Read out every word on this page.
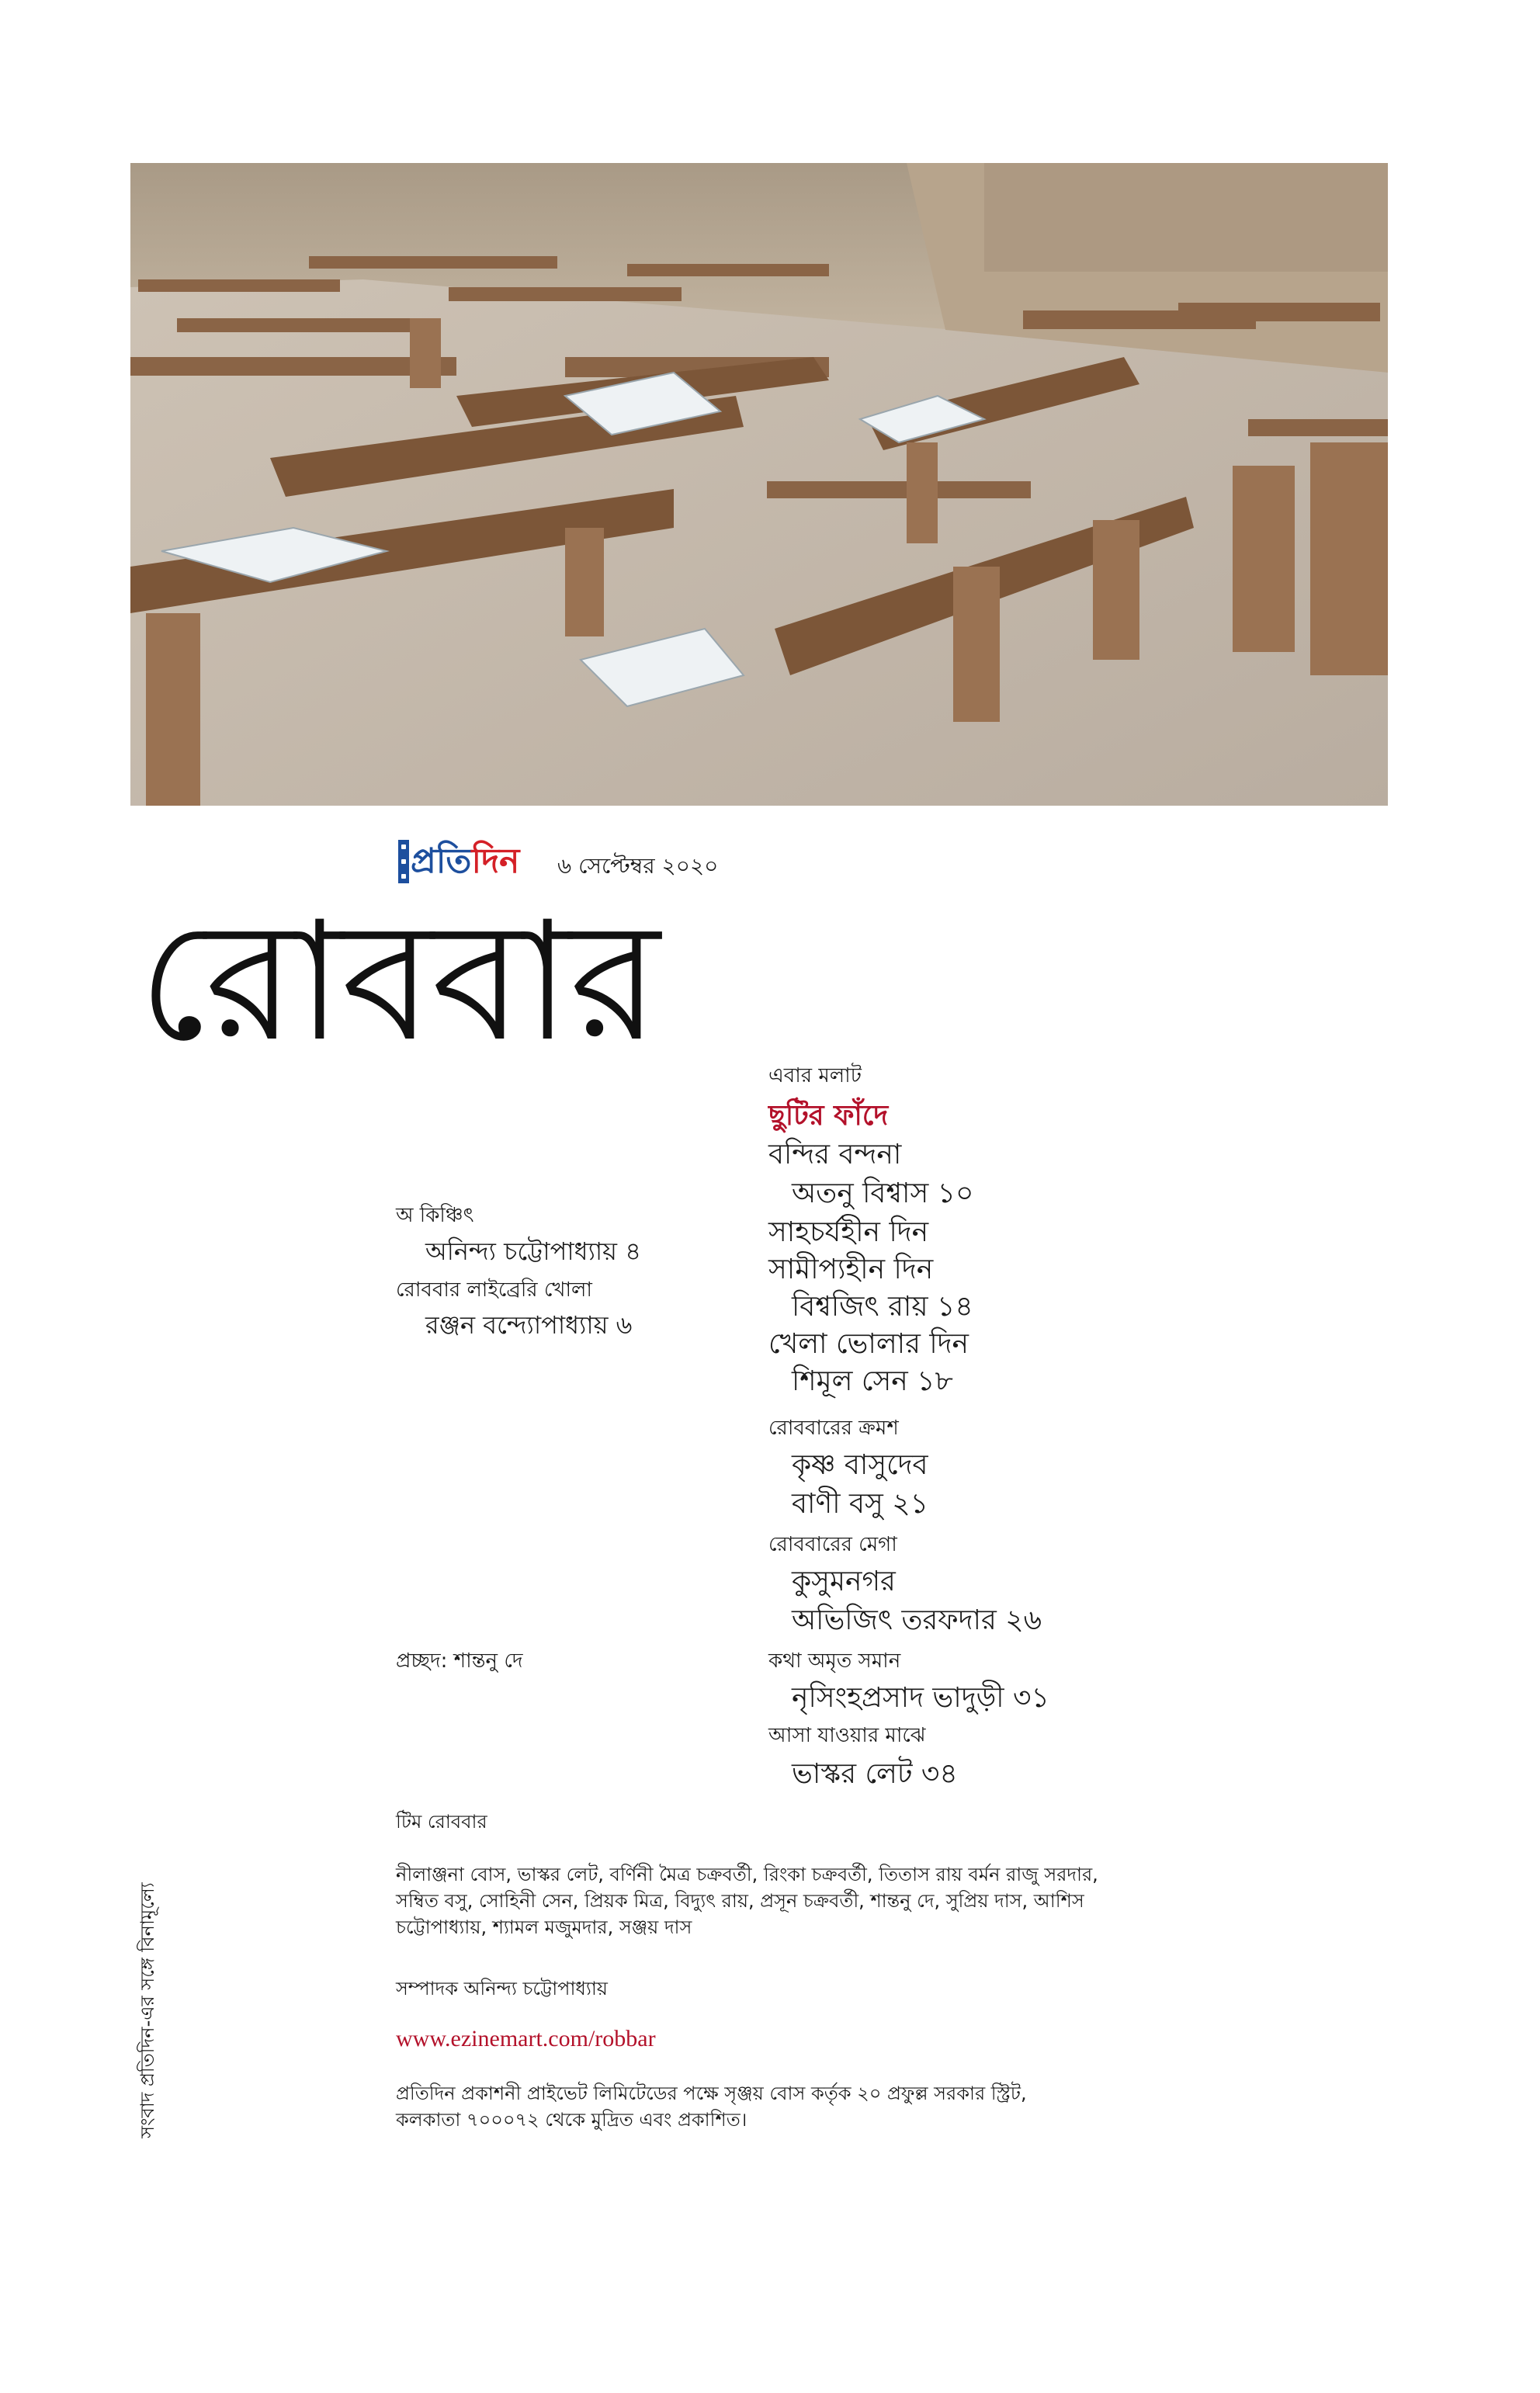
প্রতিদিন ৬ সেপ্টেম্বর ২০২০
রোববার
অ কিঞ্চিৎ
অনিন্দ্য চট্টোপাধ্যায় ৪
রোববার লাইব্রেরি খোলা
রঞ্জন বন্দ্যোপাধ্যায় ৬
প্রচ্ছদ: শান্তনু দে
এবার মলাট
ছুটির ফাঁদে
বন্দির বন্দনা
অতনু বিশ্বাস ১০
সাহচর্যহীন দিন
সামীপ্যহীন দিন
বিশ্বজিৎ রায় ১৪
খেলা ভোলার দিন
শিমূল সেন ১৮
রোববারের ক্রমশ
কৃষ্ণ বাসুদেব
বাণী বসু ২১
রোববারের মেগা
কুসুমনগর
অভিজিৎ তরফদার ২৬
কথা অমৃত সমান
নৃসিংহপ্রসাদ ভাদুড়ী ৩১
আসা যাওয়ার মাঝে
ভাস্কর লেট ৩৪
সংবাদ প্রতিদিন-এর সঙ্গে বিনামূল্যে
টিম রোববার
নীলাঞ্জনা বোস, ভাস্কর লেট, বর্ণিনী মৈত্র চক্রবর্তী, রিংকা চক্রবর্তী, তিতাস রায় বর্মন রাজু সরদার, সম্বিত বসু, সোহিনী সেন, প্রিয়ক মিত্র, বিদ্যুৎ রায়, প্রসূন চক্রবর্তী, শান্তনু দে, সুপ্রিয় দাস, আশিস চট্টোপাধ্যায়, শ্যামল মজুমদার, সঞ্জয় দাস
সম্পাদক অনিন্দ্য চট্টোপাধ্যায়
www.ezinemart.com/robbar
প্রতিদিন প্রকাশনী প্রাইভেট লিমিটেডের পক্ষে সৃঞ্জয় বোস কর্তৃক ২০ প্রফুল্ল সরকার স্ট্রিট, কলকাতা ৭০০০৭২ থেকে মুদ্রিত এবং প্রকাশিত।
